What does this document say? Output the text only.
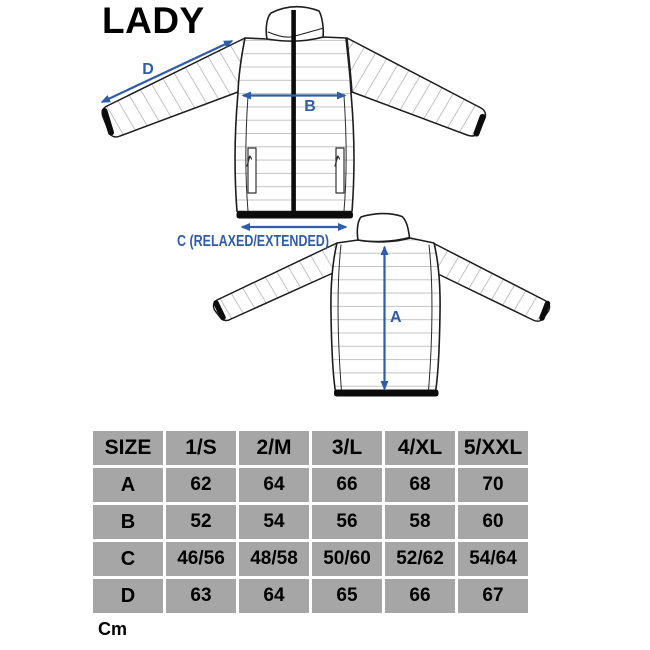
LADY
D
B
C (RELAXED/EXTENDED)
A
SIZE	1/S	2/M	3/L	4/XL	5/XXL
A	62	64	66	68	70
B	52	54	56	58	60
C	46/56	48/58	50/60	52/62	54/64
D	63	64	65	66	67
Cm
